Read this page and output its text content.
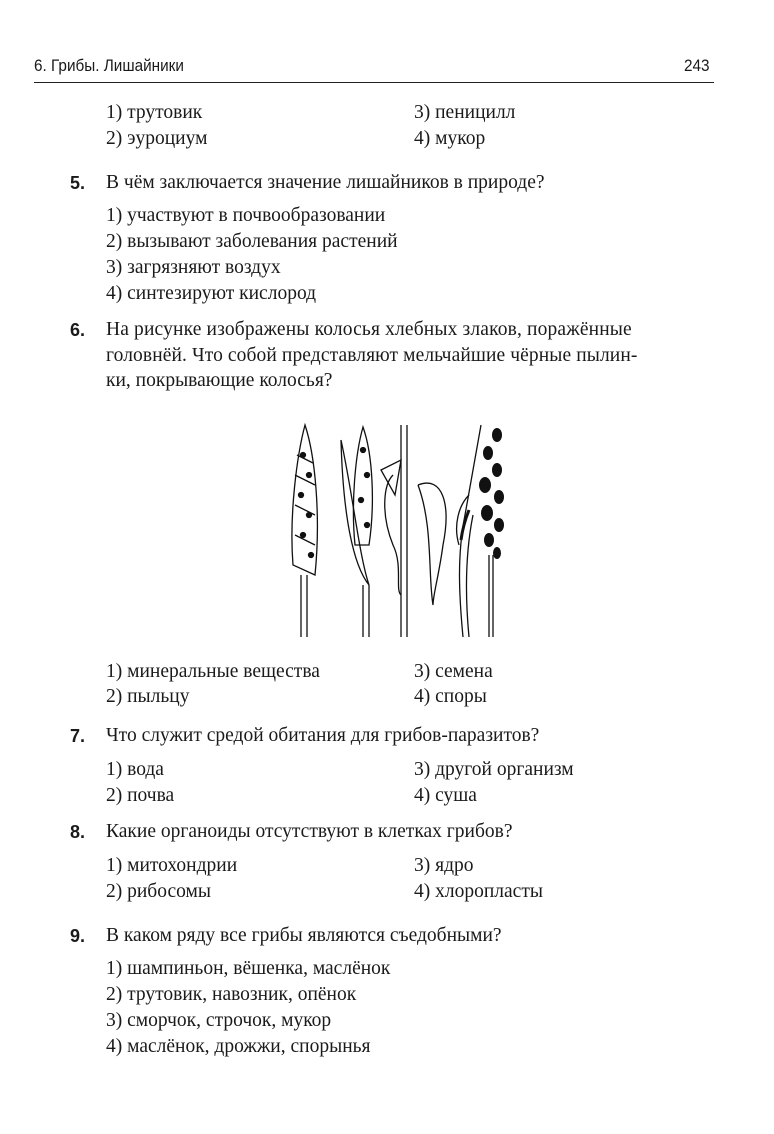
6. Грибы. Лишайники	243
1) трутовик
2) эуроциум
3) пеницилл
4) мукор
5. В чём заключается значение лишайников в природе?
1) участвуют в почвообразовании
2) вызывают заболевания растений
3) загрязняют воздух
4) синтезируют кислород
6. На рисунке изображены колосья хлебных злаков, поражённые
головнёй. Что собой представляют мельчайшие чёрные пылин-
ки, покрывающие колосья?
1) минеральные вещества
2) пыльцу
3) семена
4) споры
7. Что служит средой обитания для грибов-паразитов?
1) вода
2) почва
3) другой организм
4) суша
8. Какие органоиды отсутствуют в клетках грибов?
1) митохондрии
2) рибосомы
3) ядро
4) хлоропласты
9. В каком ряду все грибы являются съедобными?
1) шампиньон, вёшенка, маслёнок
2) трутовик, навозник, опёнок
3) сморчок, строчок, мукор
4) маслёнок, дрожжи, спорынья
